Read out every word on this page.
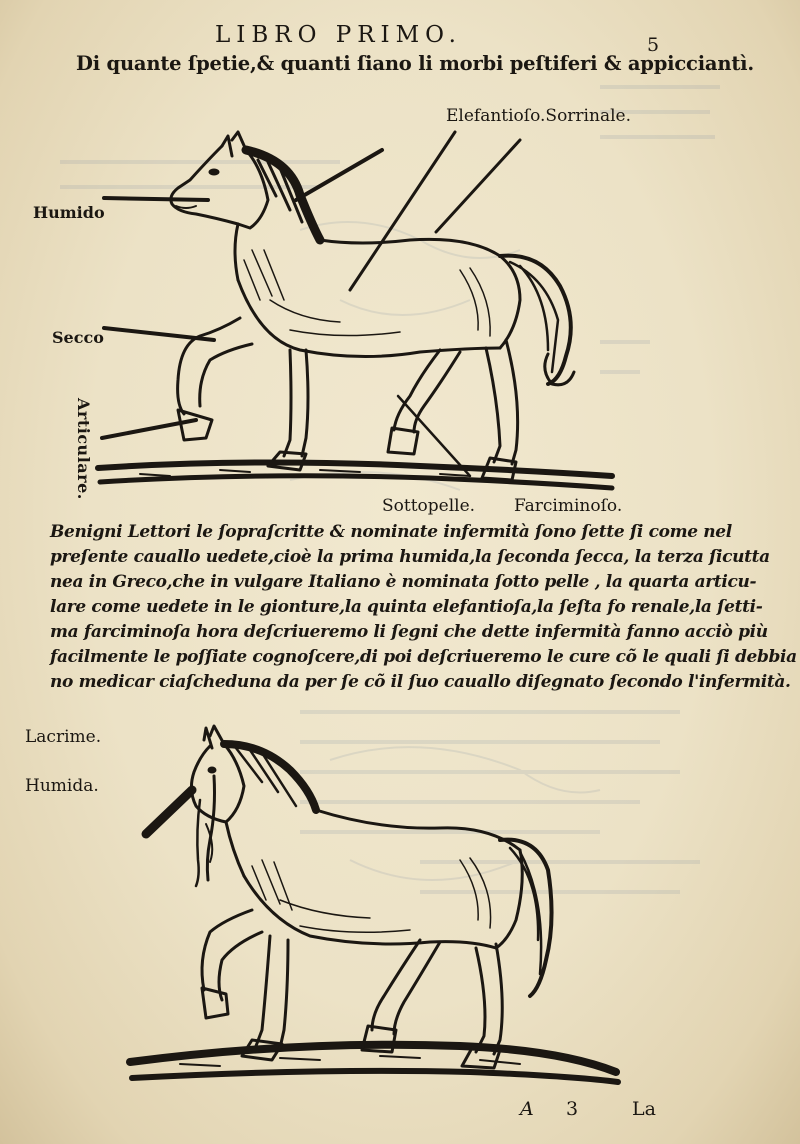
LIBRO PRIMO.	5
Di quante ſpetie,& quanti ſiano li morbi peſtiferi & appicciantì.
Elefantioſo.Sorrinale.
Humido
Secco
Articulare.
Sottopelle. Farciminoſo.
Benigni Lettori le ſopraſcritte & nominate infermità ſono ſette ſi come nel
preſente cauallo uedete,cioè la prima humida,la ſeconda ſecca, la terza ſicutta
nea in Greco,che in vulgare Italiano è nominata ſotto pelle , la quarta articu-
lare come uedete in le gionture,la quinta elefantioſa,la ſeſta fo renale,la ſetti-
ma farciminoſa hora deſcriueremo li ſegni che dette infermità fanno acciò più
facilmente le poſſiate cognoſcere,di poi deſcriueremo le cure cõ le quali ſi debbia
no medicar ciaſcheduna da per ſe cõ il ſuo cauallo diſegnato ſecondo l'infermità.
Lacrime.
Humida.
A 3	La
